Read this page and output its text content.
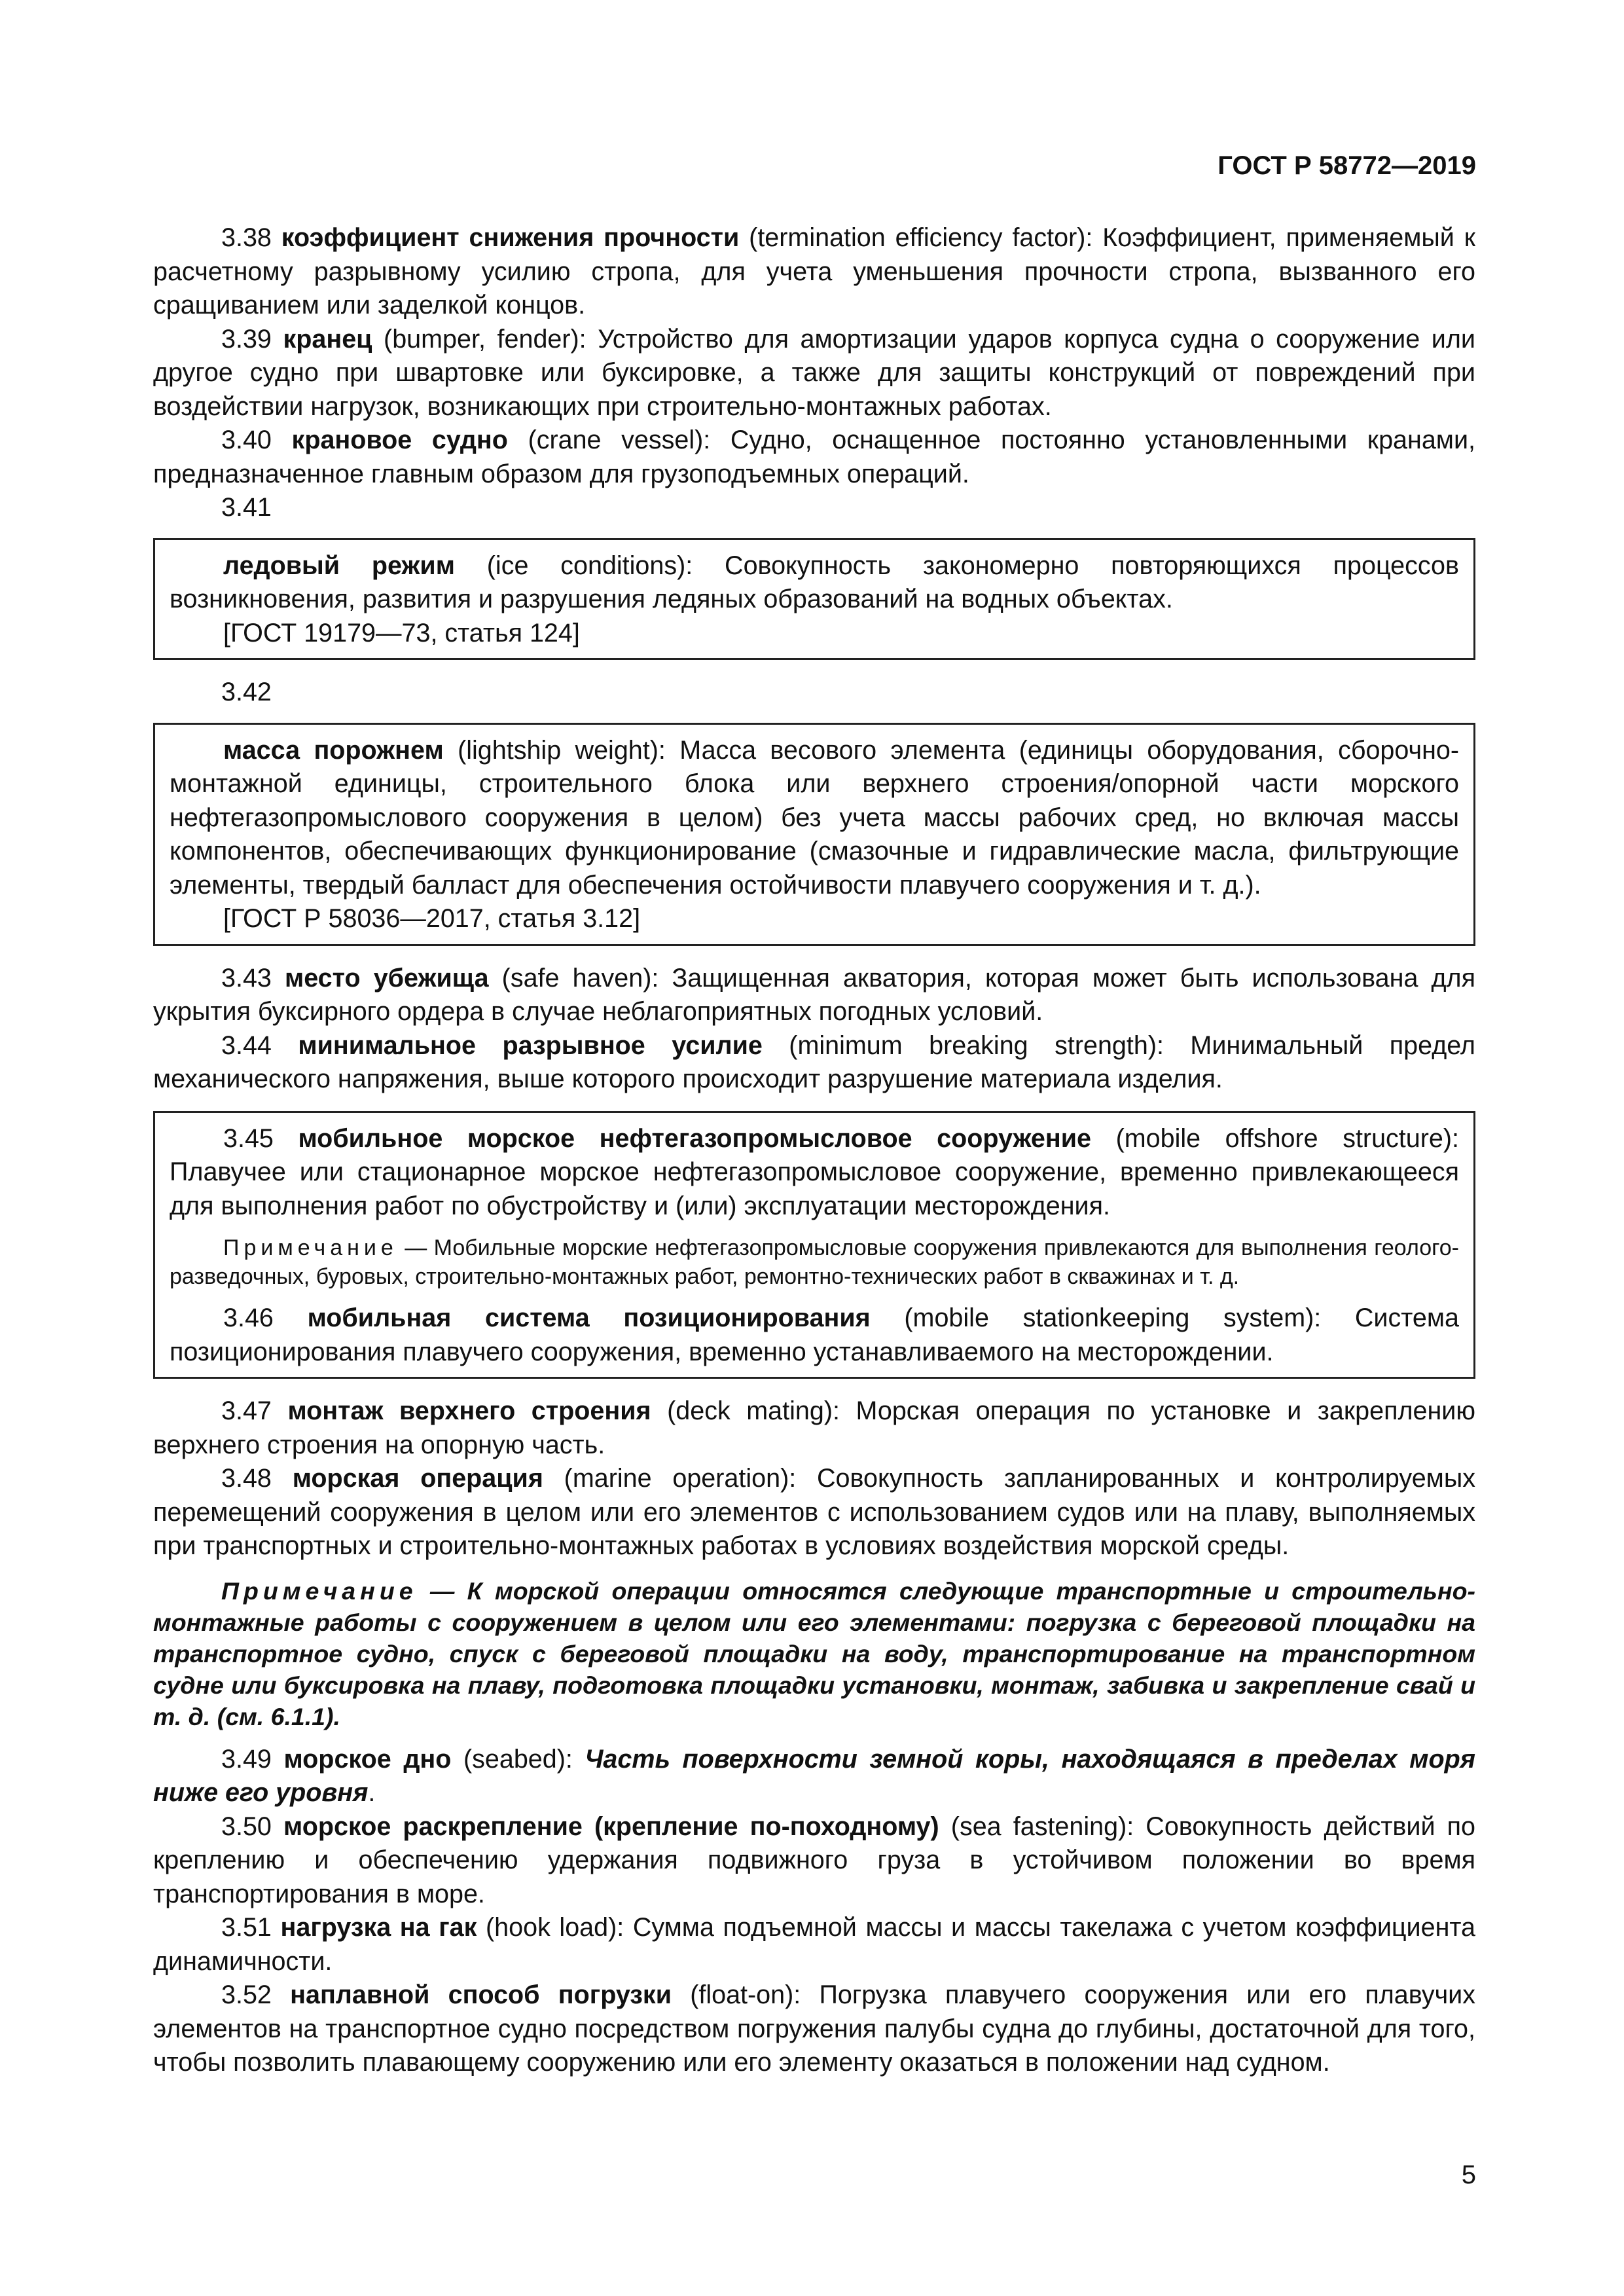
ГОСТ Р 58772—2019

3.38 коэффициент снижения прочности (termination efficiency factor): Коэффициент, применяемый к расчетному разрывному усилию стропа, для учета уменьшения прочности стропа, вызванного его сращиванием или заделкой концов.

3.39 кранец (bumper, fender): Устройство для амортизации ударов корпуса судна о сооружение или другое судно при швартовке или буксировке, а также для защиты конструкций от повреждений при воздействии нагрузок, возникающих при строительно-монтажных работах.

3.40 крановое судно (crane vessel): Судно, оснащенное постоянно установленными кранами, предназначенное главным образом для грузоподъемных операций.

3.41

ледовый режим (ice conditions): Совокупность закономерно повторяющихся процессов возникновения, развития и разрушения ледяных образований на водных объектах.

[ГОСТ 19179—73, статья 124]

3.42

масса порожнем (lightship weight): Масса весового элемента (единицы оборудования, сборочно-монтажной единицы, строительного блока или верхнего строения/опорной части морского нефтегазопромыслового сооружения в целом) без учета массы рабочих сред, но включая массы компонентов, обеспечивающих функционирование (смазочные и гидравлические масла, фильтрующие элементы, твердый балласт для обеспечения остойчивости плавучего сооружения и т. д.).

[ГОСТ Р 58036—2017, статья 3.12]

3.43 место убежища (safe haven): Защищенная акватория, которая может быть использована для укрытия буксирного ордера в случае неблагоприятных погодных условий.

3.44 минимальное разрывное усилие (minimum breaking strength): Минимальный предел механического напряжения, выше которого происходит разрушение материала изделия.

3.45 мобильное морское нефтегазопромысловое сооружение (mobile offshore structure): Плавучее или стационарное морское нефтегазопромысловое сооружение, временно привлекающееся для выполнения работ по обустройству и (или) эксплуатации месторождения.

Примечание — Мобильные морские нефтегазопромысловые сооружения привлекаются для выполнения геолого-разведочных, буровых, строительно-монтажных работ, ремонтно-технических работ в скважинах и т. д.

3.46 мобильная система позиционирования (mobile stationkeeping system): Система позиционирования плавучего сооружения, временно устанавливаемого на месторождении.

3.47 монтаж верхнего строения (deck mating): Морская операция по установке и закреплению верхнего строения на опорную часть.

3.48 морская операция (marine operation): Совокупность запланированных и контролируемых перемещений сооружения в целом или его элементов с использованием судов или на плаву, выполняемых при транспортных и строительно-монтажных работах в условиях воздействия морской среды.

Примечание — К морской операции относятся следующие транспортные и строительно-монтажные работы с сооружением в целом или его элементами: погрузка с береговой площадки на транспортное судно, спуск с береговой площадки на воду, транспортирование на транспортном судне или буксировка на плаву, подготовка площадки установки, монтаж, забивка и закрепление свай и т. д. (см. 6.1.1).

3.49 морское дно (seabed): Часть поверхности земной коры, находящаяся в пределах моря ниже его уровня.

3.50 морское раскрепление (крепление по-походному) (sea fastening): Совокупность действий по креплению и обеспечению удержания подвижного груза в устойчивом положении во время транспортирования в море.

3.51 нагрузка на гак (hook load): Сумма подъемной массы и массы такелажа с учетом коэффициента динамичности.

3.52 наплавной способ погрузки (float-on): Погрузка плавучего сооружения или его плавучих элементов на транспортное судно посредством погружения палубы судна до глубины, достаточной для того, чтобы позволить плавающему сооружению или его элементу оказаться в положении над судном.

5
